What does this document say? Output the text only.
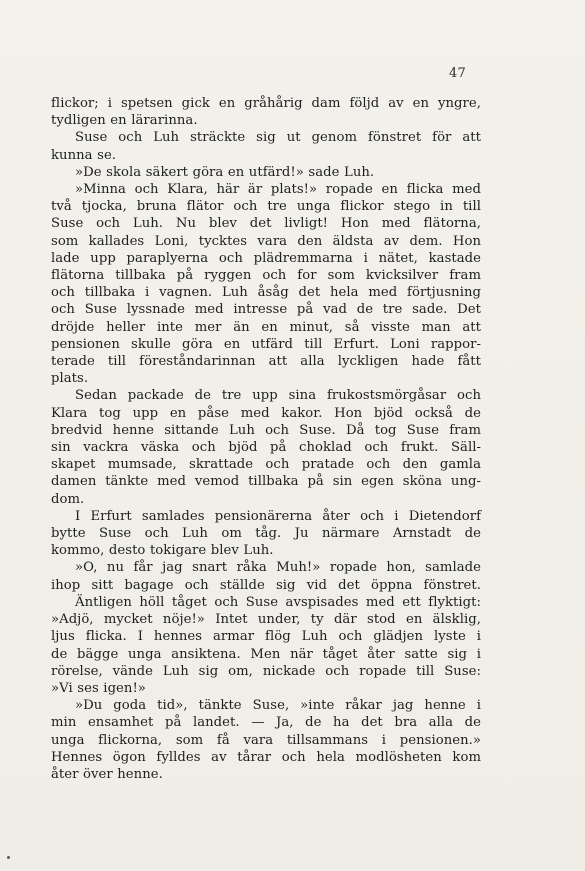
47
flickor; i spetsen gick en gråhårig dam följd av en yngre,
tydligen en lärarinna.
Suse och Luh sträckte sig ut genom fönstret för att
kunna se.
»De skola säkert göra en utfärd!» sade Luh.
»Minna och Klara, här är plats!» ropade en flicka med
två tjocka, bruna flätor och tre unga flickor stego in till
Suse och Luh. Nu blev det livligt! Hon med flätorna,
som kallades Loni, tycktes vara den äldsta av dem. Hon
lade upp paraplyerna och plädremmarna i nätet, kastade
flätorna tillbaka på ryggen och for som kvicksilver fram
och tillbaka i vagnen. Luh åsåg det hela med förtjusning
och Suse lyssnade med intresse på vad de tre sade. Det
dröjde heller inte mer än en minut, så visste man att
pensionen skulle göra en utfärd till Erfurt. Loni rappor-
terade till föreståndarinnan att alla lyckligen hade fått
plats.
Sedan packade de tre upp sina frukostsmörgåsar och
Klara tog upp en påse med kakor. Hon bjöd också de
bredvid henne sittande Luh och Suse. Då tog Suse fram
sin vackra väska och bjöd på choklad och frukt. Säll-
skapet mumsade, skrattade och pratade och den gamla
damen tänkte med vemod tillbaka på sin egen sköna ung-
dom.
I Erfurt samlades pensionärerna åter och i Dietendorf
bytte Suse och Luh om tåg. Ju närmare Arnstadt de
kommo, desto tokigare blev Luh.
»O, nu får jag snart råka Muh!» ropade hon, samlade
ihop sitt bagage och ställde sig vid det öppna fönstret.
Äntligen höll tåget och Suse avspisades med ett flyktigt:
»Adjö, mycket nöje!» Intet under, ty där stod en älsklig,
ljus flicka. I hennes armar flög Luh och glädjen lyste i
de bägge unga ansiktena. Men när tåget åter satte sig i
rörelse, vände Luh sig om, nickade och ropade till Suse:
»Vi ses igen!»
»Du goda tid», tänkte Suse, »inte råkar jag henne i
min ensamhet på landet. — Ja, de ha det bra alla de
unga flickorna, som få vara tillsammans i pensionen.»
Hennes ögon fylldes av tårar och hela modlösheten kom
åter över henne.
